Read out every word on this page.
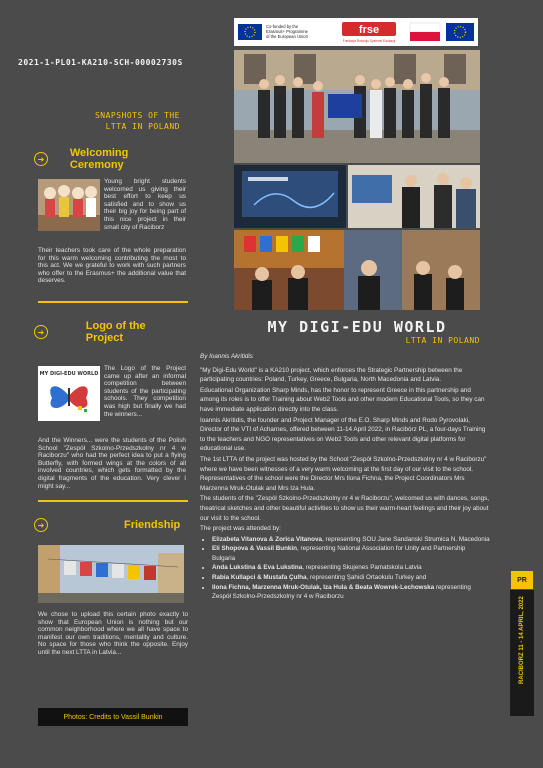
2021-1-PL01-KA210-SCH-00002730S
SNAPSHOTS OF THE
LTTA IN POLAND
➜	Welcoming Ceremony
Young bright students welcomed us giving their best effort to keep us satisfied and to show us their big joy for being part of this nice project in their small city of Raciborz
Their teachers took care of the whole preparation for this warm welcoming contributing the most to this act. We we grateful to work with such partners who offer to the Erasmus+ the additional value that deserves.
➜	Logo of the Project
MY DIGI-EDU WORLD
The Logo of the Project came up after an informal competition between students of the participating schools. They competition was high but finally we had the winners...
And the Winners... were the students of the Polish School "Zespół Szkolno-Przedszkolny nr 4 w Raciborzu" who had the perfect idea to put a flying Butterfly, with formed wings at the colors of all involved countries, which gets formatted by the digital fragments of the education. Very clever I might say...
➜	Friendship
We chose to upload this certain photo exactly to show that European Union is nothing but our common neighborhood where we all have space to manifest our own traditions, mentality and culture. No space for those who think the opposite. Enjoy until the next LTTA in Latvia...
Photos: Credits to Vassil Bunkin
Co-funded by the
Erasmus+ Programme
of the European Union
frse
Fundacja Rozwoju Systemu Edukacji
MY DIGI-EDU WORLD
LTTA IN POLAND

By Ioannis Akritidis

"My Digi-Edu World" is a KA210 project, which enforces the Strategic Partnership between the participating countries: Poland, Turkey, Greece, Bulgaria, North Macedonia and Latvia.

Educational Organization Sharp Minds, has the honor to represent Greece in this partnership and among its roles is to offer Training about Web2 Tools and other modern Educational Tools, so they can have immediate application directly into the class.

Ioannis Akritidis, the founder and Project Manager of the E.O. Sharp Minds and Rodo Pyrovolaki, Director of the VTI of Acharnes, offered between 11-14 April 2022, in Racibórz PL, a four-days Training to the teachers and NGO representatives on Web2 Tools and other relevant digital platforms for educational use.

The 1st LTTA of the project was hosted by the School "Zespół Szkolno-Przedszkolny nr 4 w Raciborzu" where we have been witnesses of a very warm welcoming at the first day of our visit to the school. Representatives of the school were the Director Mrs Ilona Fichna, the Project Coordinators Mrs Marzenna Mruk-Otulak and Mrs Iza Hula.

The students of the "Zespół Szkolno-Przedszkolny nr 4 w Raciborzu", welcomed us with dances, songs, theatrical sketches and other beautiful activities to show us their warm-heart feelings and their joy about our visit to the school.

The project was attended by:

• Elizabeta Vitanova & Zorica Vitanova, representing SOU Jane Sandanski Strumica N. Macedonia
• Eli Shopova & Vassil Bunkin, representing National Association for Unity and Partnership Bulgaria
• Anda Lukstina & Eva Lukstina, representing Skujenes Pamatskola Latvia
• Rabia Kullapci & Mustafa Çulha, representing Şahidi Ortaokulu Turkey and
• Ilona Fichna, Marzenna Mruk-Otulak, Iza Hula & Beata Wowrek-Lechowska representing Zespół Szkolno-Przedszkolny nr 4 w Raciborzu
PR
RACIBORZ 11 - 14 APRIL, 2022
